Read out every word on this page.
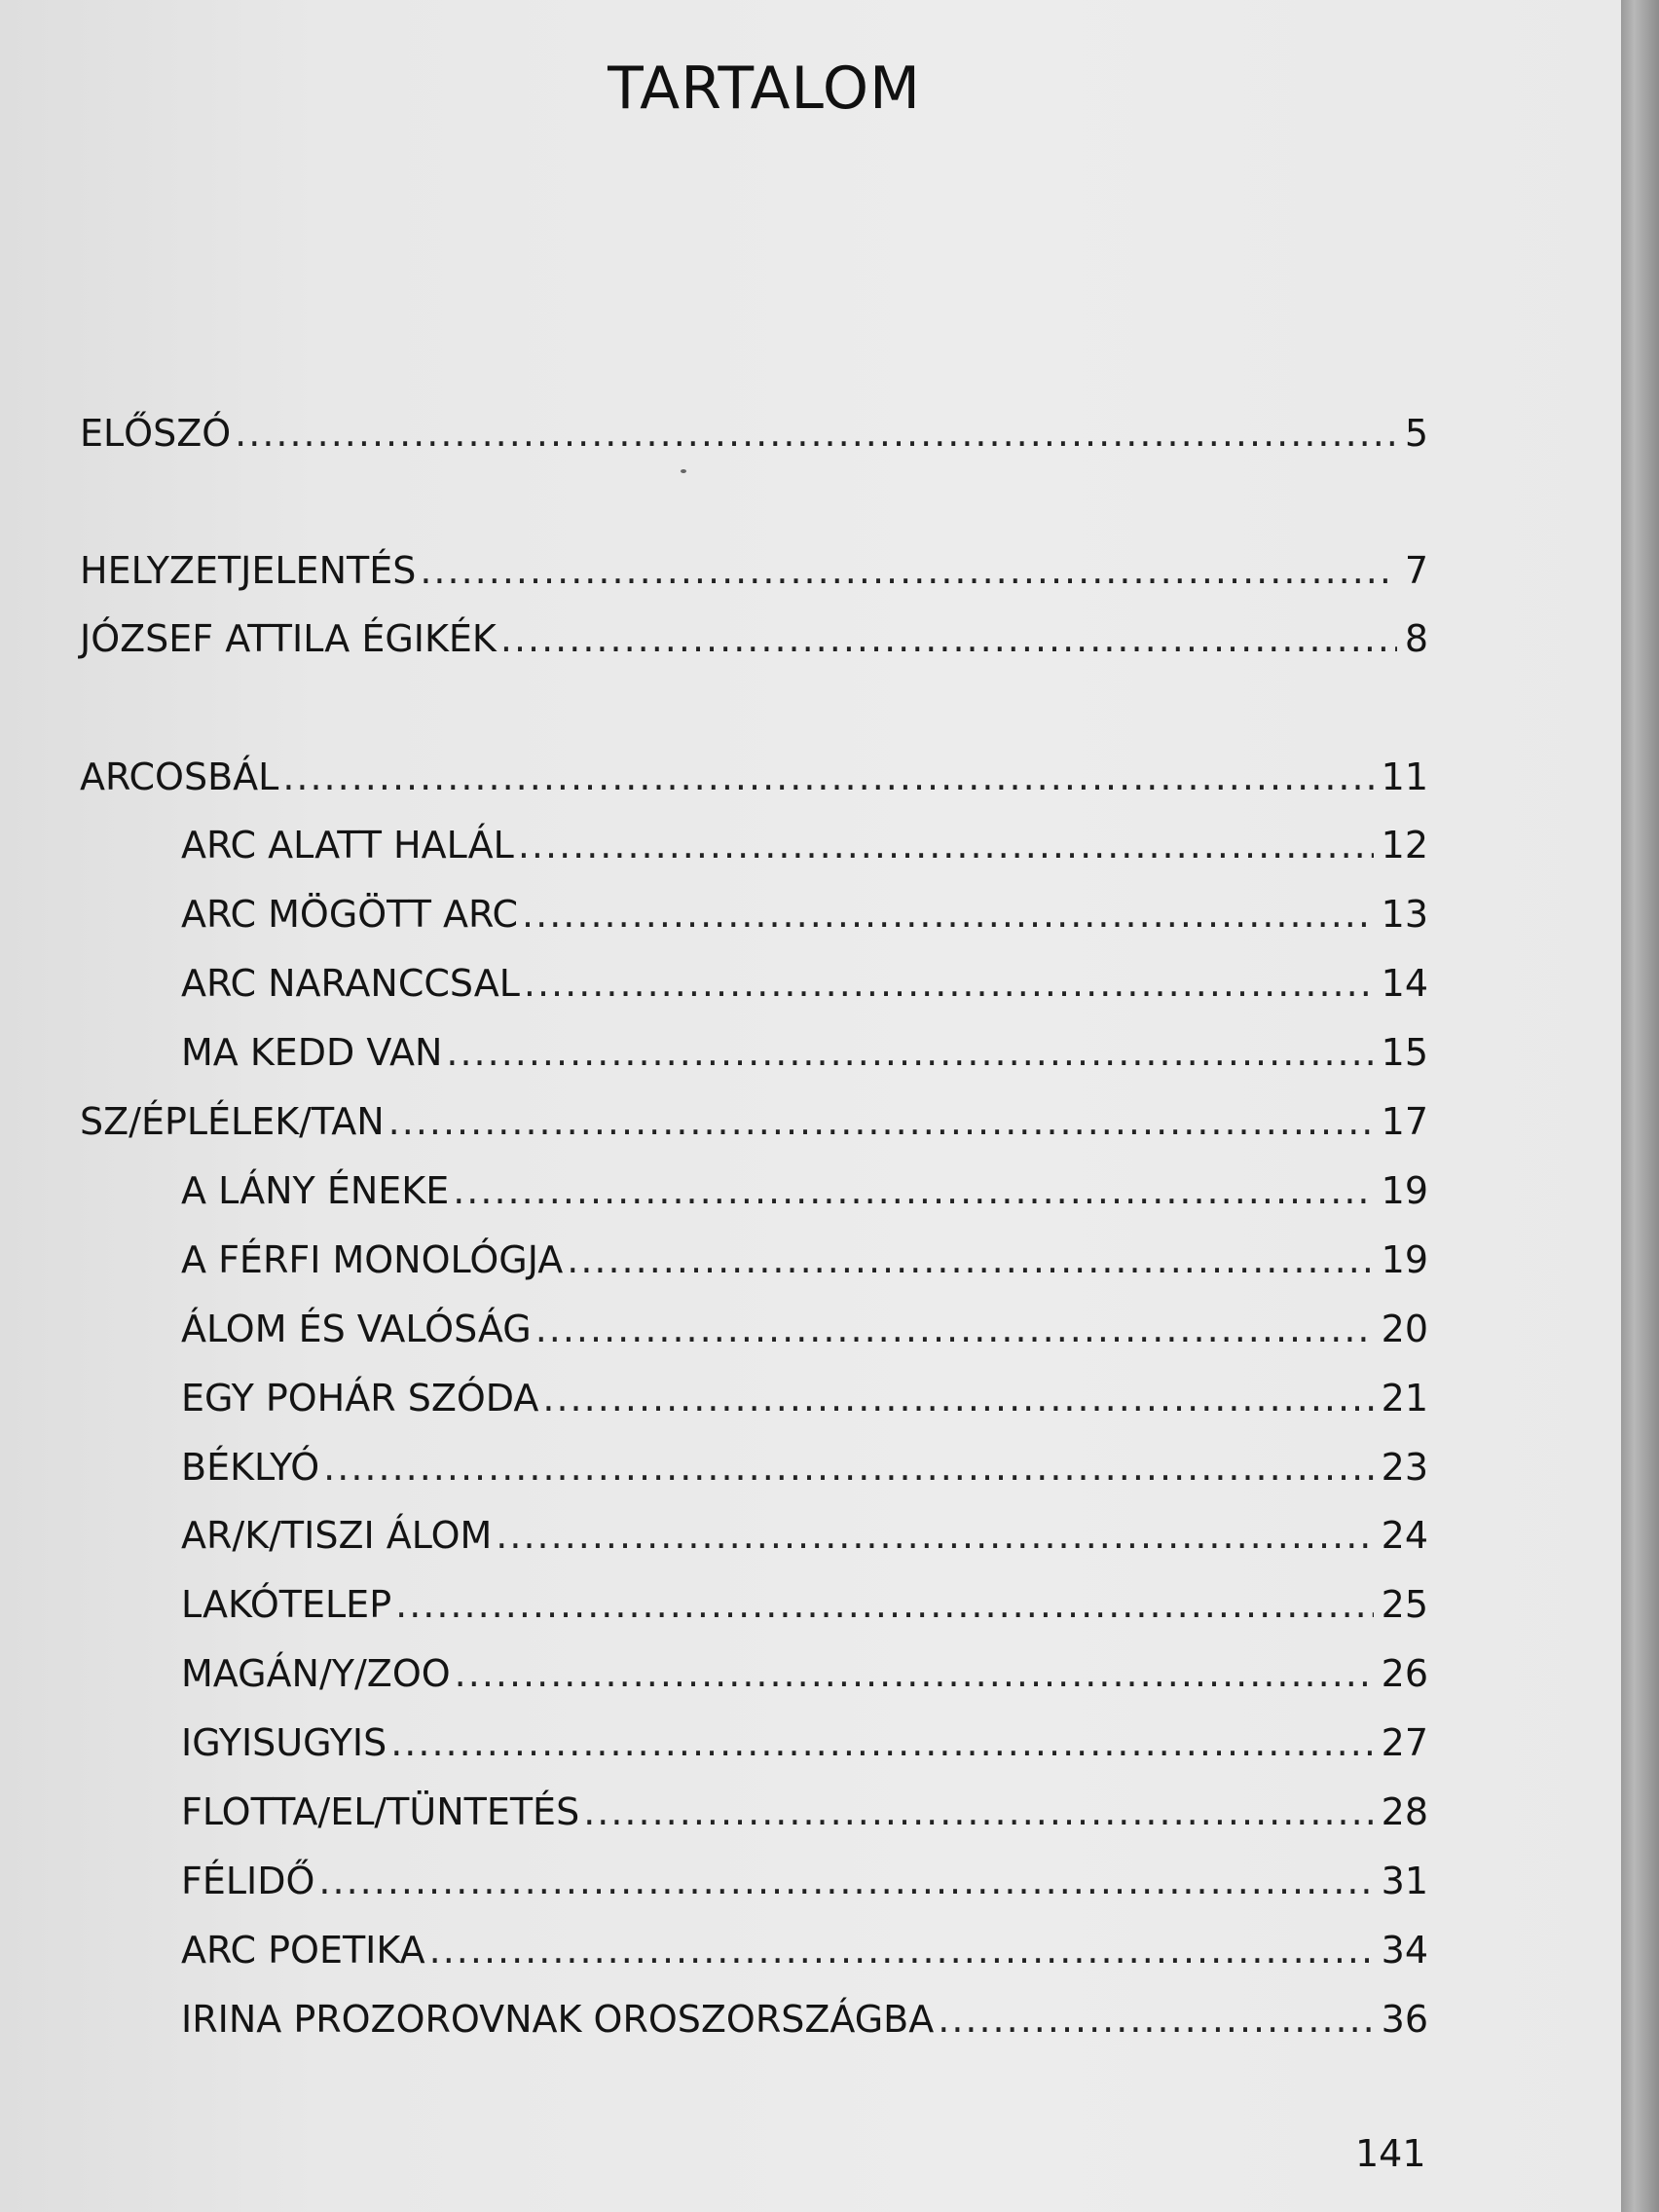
TARTALOM
ELŐSZÓ .....	5
HELYZETJELENTÉS .....	7
JÓZSEF ATTILA ÉGIKÉK .....	8
ARCOSBÁL .....	11
ARC ALATT HALÁL .....	12
ARC MÖGÖTT ARC .....	13
ARC NARANCCSAL .....	14
MA KEDD VAN .....	15
SZ/ÉPLÉLEK/TAN .....	17
A LÁNY ÉNEKE .....	19
A FÉRFI MONOLÓGJA .....	19
ÁLOM ÉS VALÓSÁG .....	20
EGY POHÁR SZÓDA .....	21
BÉKLYÓ .....	23
AR/K/TISZI ÁLOM .....	24
LAKÓTELEP .....	25
MAGÁN/Y/ZOO .....	26
IGYISUGYIS .....	27
FLOTTA/EL/TÜNTETÉS .....	28
FÉLIDŐ .....	31
ARC POETIKA .....	34
IRINA PROZOROVNAK OROSZORSZÁGBA .....	36
141
